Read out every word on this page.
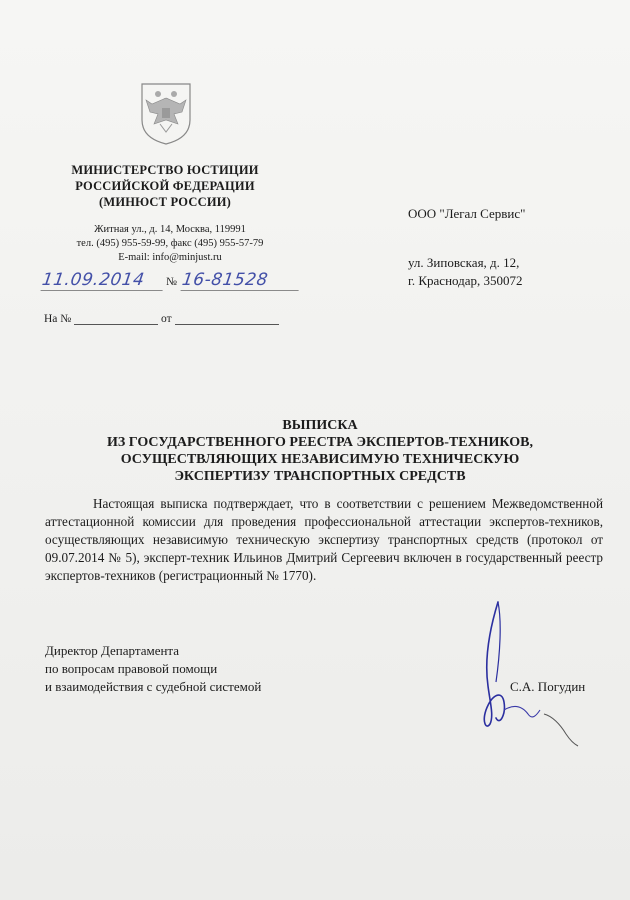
МИНИСТЕРСТВО ЮСТИЦИИ
РОССИЙСКОЙ ФЕДЕРАЦИИ
(МИНЮСТ РОССИИ)
Житная ул., д. 14, Москва, 119991
тел. (495) 955-59-99, факс (495) 955-57-79
E-mail: info@minjust.ru
11.09.2014	№ 16-81528
На №	от
ООО "Легал Сервис"
ул. Зиповская, д. 12,
г. Краснодар, 350072
ВЫПИСКА
ИЗ ГОСУДАРСТВЕННОГО РЕЕСТРА ЭКСПЕРТОВ-ТЕХНИКОВ,
ОСУЩЕСТВЛЯЮЩИХ НЕЗАВИСИМУЮ ТЕХНИЧЕСКУЮ
ЭКСПЕРТИЗУ ТРАНСПОРТНЫХ СРЕДСТВ
Настоящая выписка подтверждает, что в соответствии с решением Межведомственной аттестационной комиссии для проведения профессиональной аттестации экспертов-техников, осуществляющих независимую техническую экспертизу транспортных средств (протокол от 09.07.2014 № 5), эксперт-техник Ильинов Дмитрий Сергеевич включен в государственный реестр экспертов-техников (регистрационный № 1770).
Директор Департамента
по вопросам правовой помощи
и взаимодействия с судебной системой	С.А. Погудин
